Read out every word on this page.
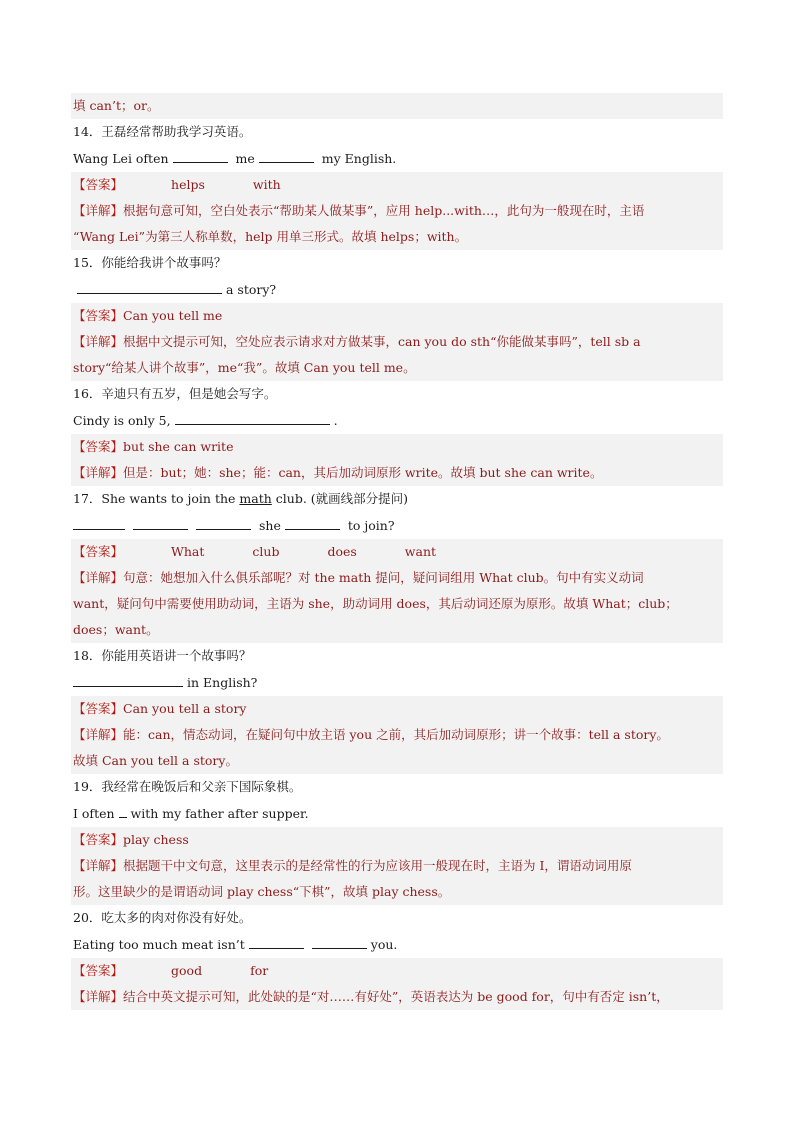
填 can’t；or。
14．王磊经常帮助我学习英语。
Wang Lei often	me	my English.
【答案】	helps	with
【详解】根据句意可知，空白处表示“帮助某人做某事”，应用 help...with…，此句为一般现在时，主语
“Wang Lei”为第三人称单数，help 用单三形式。故填 helps；with。
15．你能给我讲个故事吗？
a story?
【答案】Can you tell me
【详解】根据中文提示可知，空处应表示请求对方做某事，can you do sth“你能做某事吗”，tell sb a
story“给某人讲个故事”，me“我”。故填 Can you tell me。
16．辛迪只有五岁，但是她会写字。
Cindy is only 5,	.
【答案】but she can write
【详解】但是：but；她：she；能：can，其后加动词原形 write。故填 but she can write。
17．She wants to join the math club. (就画线部分提问)
she	to join?
【答案】	What	club	does	want
【详解】句意：她想加入什么俱乐部呢？对 the math 提问，疑问词组用 What club。句中有实义动词
want，疑问句中需要使用助动词，主语为 she，助动词用 does，其后动词还原为原形。故填 What；club；
does；want。
18．你能用英语讲一个故事吗？
in English?
【答案】Can you tell a story
【详解】能：can，情态动词，在疑问句中放主语 you 之前，其后加动词原形；讲一个故事：tell a story。
故填 Can you tell a story。
19．我经常在晚饭后和父亲下国际象棋。
I often with my father after supper.
【答案】play chess
【详解】根据题干中文句意，这里表示的是经常性的行为应该用一般现在时，主语为 I，谓语动词用原
形。这里缺少的是谓语动词 play chess“下棋”，故填 play chess。
20．吃太多的肉对你没有好处。
Eating too much meat isn’t	you.
【答案】	good	for
【详解】结合中英文提示可知，此处缺的是“对……有好处”，英语表达为 be good for，句中有否定 isn’t，
